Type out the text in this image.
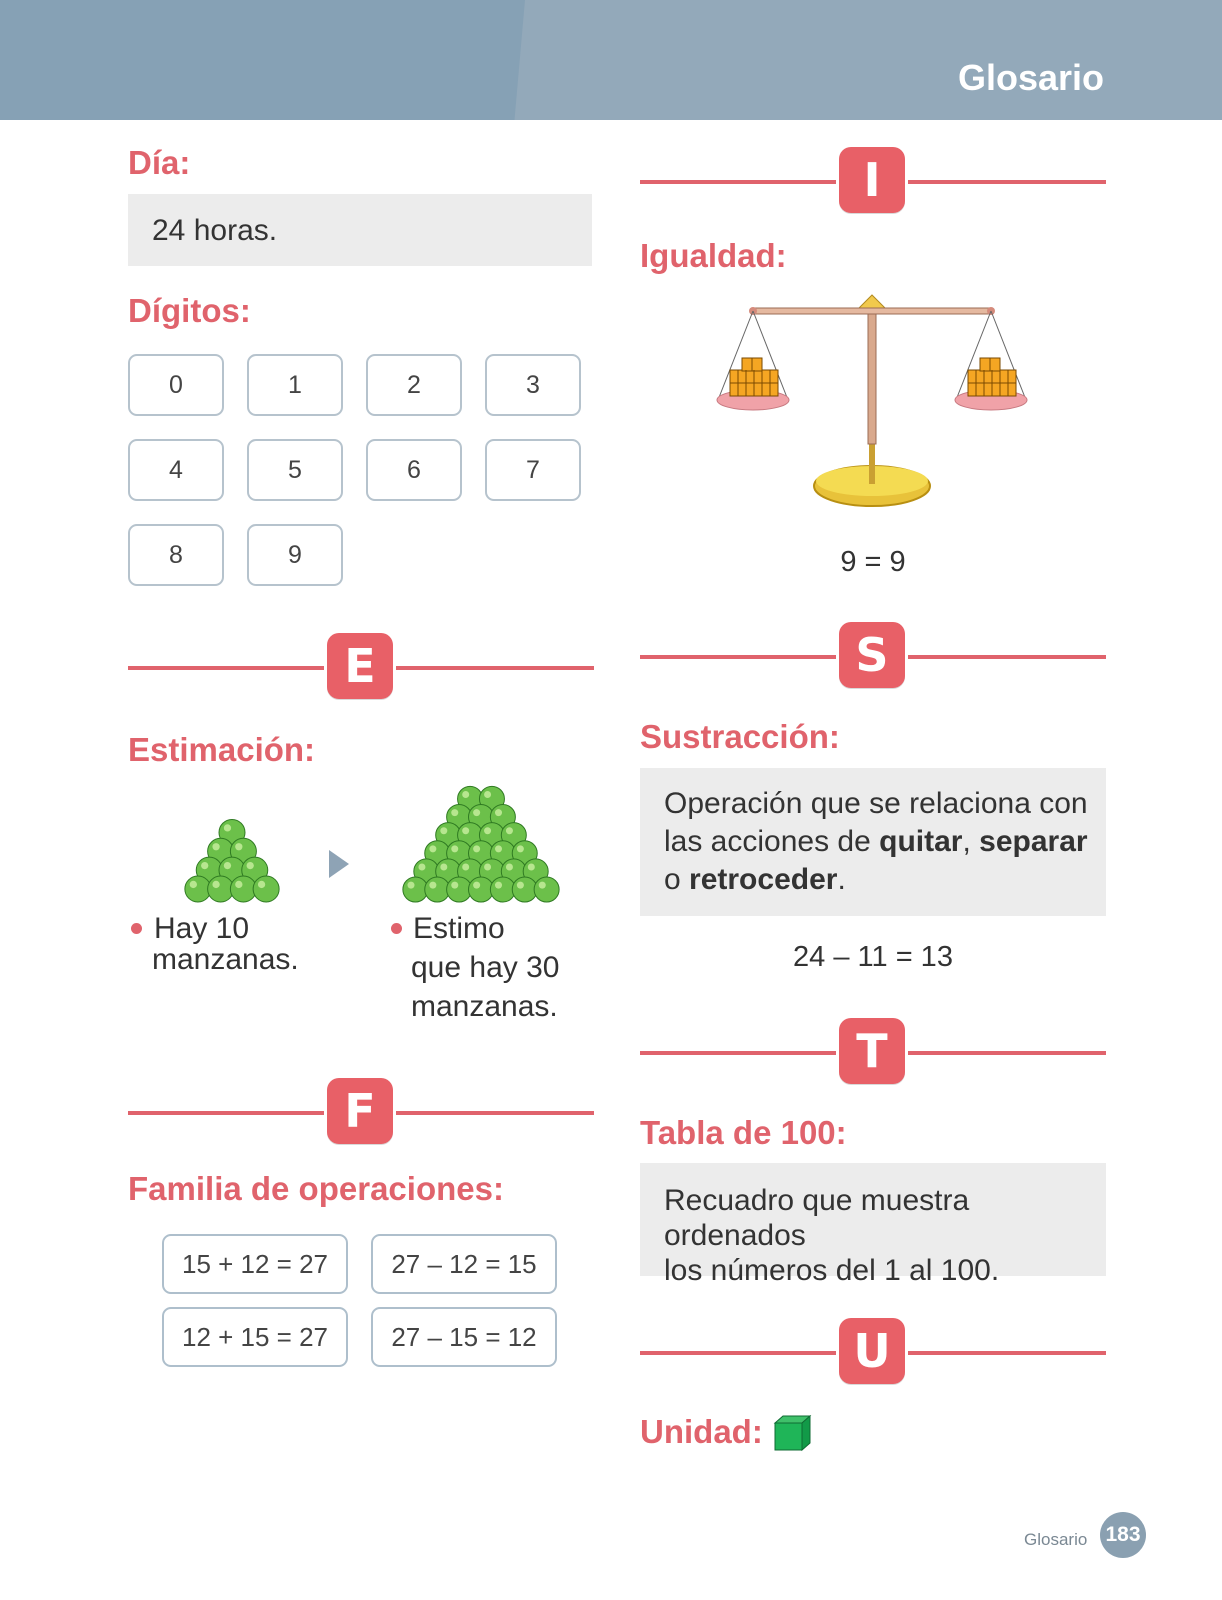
Glosario
Día:
24 horas.
Dígitos:
0	1	2	3
4	5	6	7
8	9
E
Estimación:
Hay 10
manzanas.
Estimo
que hay 30
manzanas.
F
Familia de operaciones:
15 + 12 = 27	27 – 12 = 15
12 + 15 = 27	27 – 15 = 12
I
Igualdad:
9 = 9
S
Sustracción:
Operación que se relaciona con
las acciones de quitar, separar
o retroceder.
24 – 11 = 13
T
Tabla de 100:
Recuadro que muestra ordenados
los números del 1 al 100.
U
Unidad:
Glosario 183
